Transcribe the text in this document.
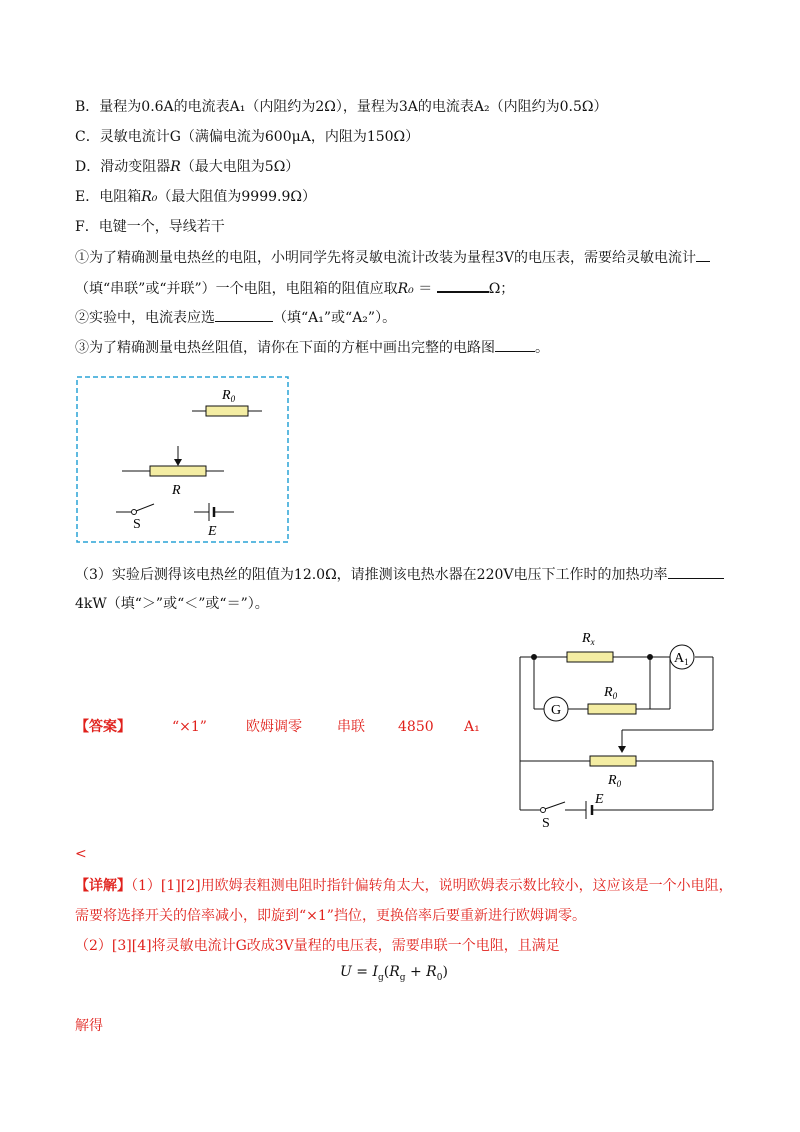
B．量程为0.6A的电流表A₁（内阻约为2Ω），量程为3A的电流表A₂（内阻约为0.5Ω）
C．灵敏电流计G（满偏电流为600μA，内阻为150Ω）
D．滑动变阻器R（最大电阻为5Ω）
E．电阻箱R₀（最大阻值为9999.9Ω）
F．电键一个，导线若干
①为了精确测量电热丝的电阻，小明同学先将灵敏电流计改装为量程3V的电压表，需要给灵敏电流计
（填“串联”或“并联”）一个电阻，电阻箱的阻值应取R₀ ＝	Ω；
②实验中，电流表应选	（填“A₁”或“A₂”）。
③为了精确测量电热丝阻值，请你在下面的方框中画出完整的电路图	。
$R_0$
R
S	E
（3）实验后测得该电热丝的阻值为12.0Ω，请推测该电热水器在220V电压下工作时的加热功率
4kW（填“＞”或“＜”或“＝”）。
【答案】	“×1”	欧姆调零	串联 4850 A₁
$R_x$
$A_1$
G
$R_0$
$R_0$
S
E
<
【详解】（1）[1][2]用欧姆表粗测电阻时指针偏转角太大，说明欧姆表示数比较小，这应该是一个小电阻，
需要将选择开关的倍率减小，即旋到“×1”挡位，更换倍率后要重新进行欧姆调零。
（2）[3][4]将灵敏电流计G改成3V量程的电压表，需要串联一个电阻，且满足
$U = I_g(R_g + R_0)$
解得
